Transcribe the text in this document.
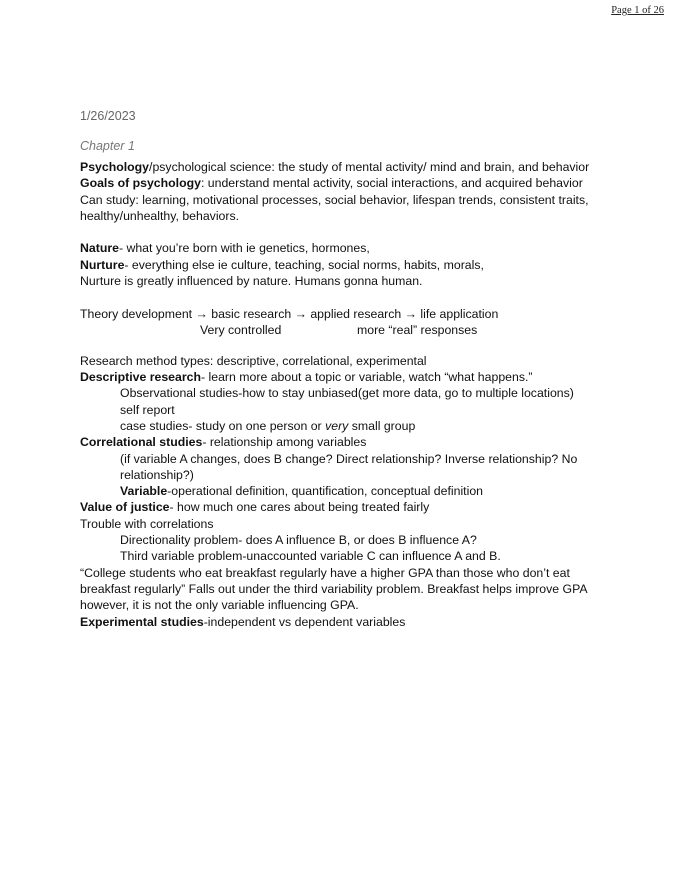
Page 1 of 26
1/26/2023
Chapter 1
Psychology/psychological science: the study of mental activity/ mind and brain, and behavior
Goals of psychology: understand mental activity, social interactions, and acquired behavior
Can study: learning, motivational processes, social behavior, lifespan trends, consistent traits, healthy/unhealthy, behaviors.
Nature- what you’re born with ie genetics, hormones,
Nurture- everything else ie culture, teaching, social norms, habits, morals,
Nurture is greatly influenced by nature. Humans gonna human.
Theory development → basic research → applied research → life application
Very controlled	more “real” responses
Research method types: descriptive, correlational, experimental
Descriptive research- learn more about a topic or variable, watch “what happens.”
Observational studies-how to stay unbiased(get more data, go to multiple locations)
self report
case studies- study on one person or very small group
Correlational studies- relationship among variables
(if variable A changes, does B change? Direct relationship? Inverse relationship? No relationship?)
Variable-operational definition, quantification, conceptual definition
Value of justice- how much one cares about being treated fairly
Trouble with correlations
Directionality problem- does A influence B, or does B influence A?
Third variable problem-unaccounted variable C can influence A and B.
“College students who eat breakfast regularly have a higher GPA than those who don’t eat breakfast regularly” Falls out under the third variability problem. Breakfast helps improve GPA however, it is not the only variable influencing GPA.
Experimental studies-independent vs dependent variables
